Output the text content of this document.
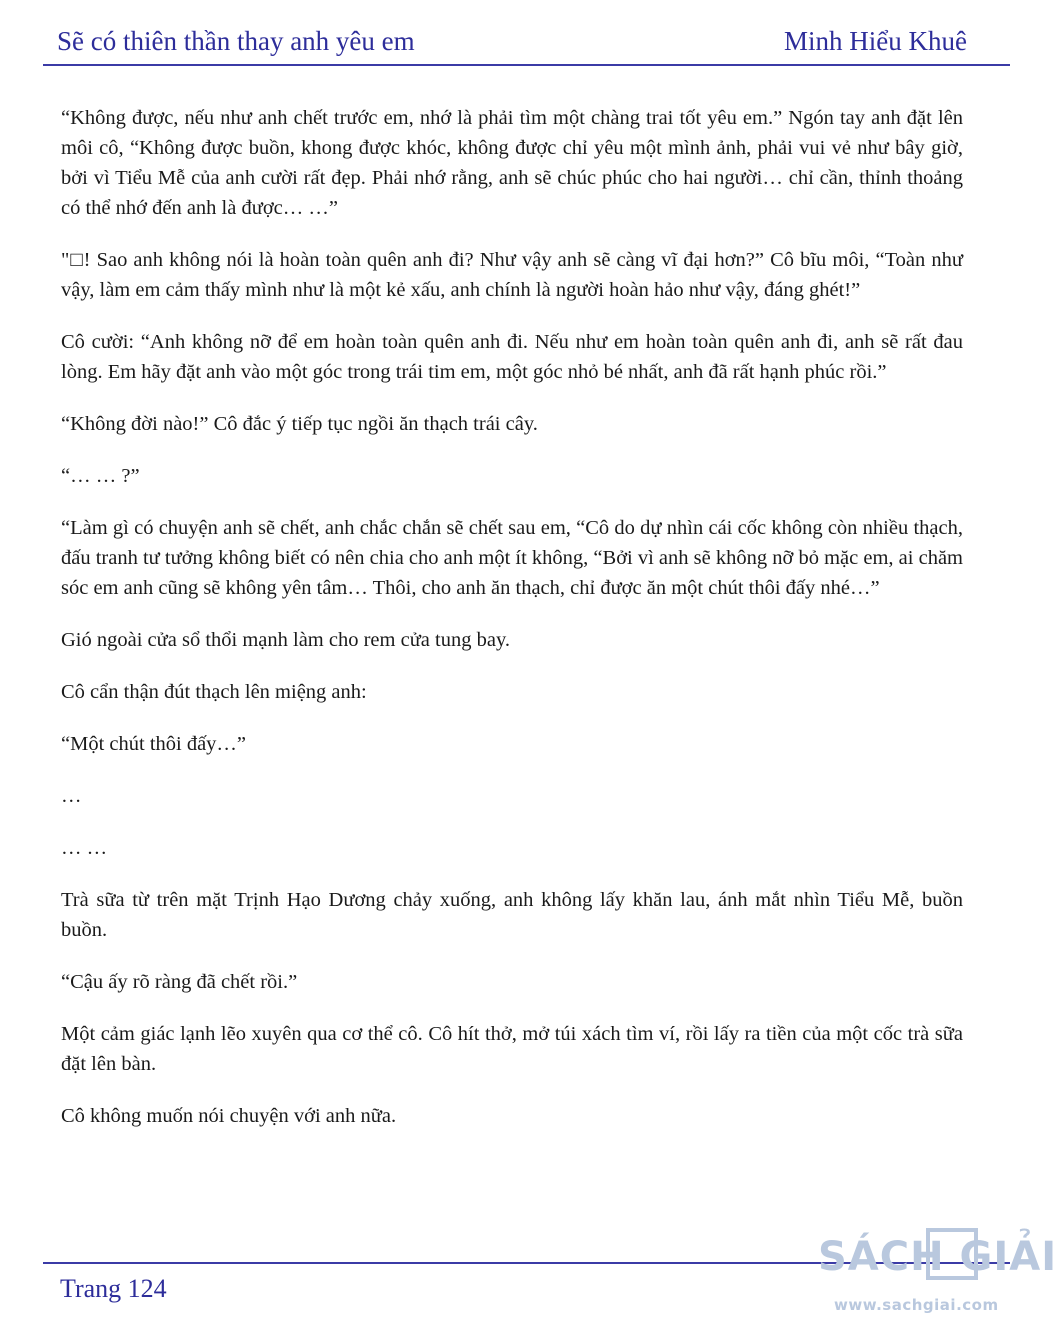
Sẽ có thiên thần thay anh yêu em	Minh Hiểu Khuê

“Không được, nếu như anh chết trước em, nhớ là phải tìm một chàng trai tốt yêu em.” Ngón tay anh đặt lên môi cô, “Không được buồn, khong được khóc, không được chỉ yêu một mình ảnh, phải vui vẻ như bây giờ, bởi vì Tiểu Mễ của anh cười rất đẹp. Phải nhớ rằng, anh sẽ chúc phúc cho hai người… chỉ cần, thỉnh thoảng có thể nhớ đến anh là được… …”

"□! Sao anh không nói là hoàn toàn quên anh đi? Như vậy anh sẽ càng vĩ đại hơn?” Cô bĩu môi, “Toàn như vậy, làm em cảm thấy mình như là một kẻ xấu, anh chính là người hoàn hảo như vậy, đáng ghét!”

Cô cười: “Anh không nỡ để em hoàn toàn quên anh đi. Nếu như em hoàn toàn quên anh đi, anh sẽ rất đau lòng. Em hãy đặt anh vào một góc trong trái tim em, một góc nhỏ bé nhất, anh đã rất hạnh phúc rồi.”

“Không đời nào!” Cô đắc ý tiếp tục ngồi ăn thạch trái cây.

“… … ?”

“Làm gì có chuyện anh sẽ chết, anh chắc chắn sẽ chết sau em, “Cô do dự nhìn cái cốc không còn nhiều thạch, đấu tranh tư tưởng không biết có nên chia cho anh một ít không, “Bởi vì anh sẽ không nỡ bỏ mặc em, ai chăm sóc em anh cũng sẽ không yên tâm… Thôi, cho anh ăn thạch, chỉ được ăn một chút thôi đấy nhé…”

Gió ngoài cửa sổ thổi mạnh làm cho rem cửa tung bay.

Cô cẩn thận đút thạch lên miệng anh:

“Một chút thôi đấy…”

…

… …

Trà sữa từ trên mặt Trịnh Hạo Dương chảy xuống, anh không lấy khăn lau, ánh mắt nhìn Tiểu Mễ, buồn buồn.

“Cậu ấy rõ ràng đã chết rồi.”

Một cảm giác lạnh lẽo xuyên qua cơ thể cô. Cô hít thở, mở túi xách tìm ví, rồi lấy ra tiền của một cốc trà sữa đặt lên bàn.

Cô không muốn nói chuyện với anh nữa.

Trang 124
SÁCH GIẢI
www.sachgiai.com
